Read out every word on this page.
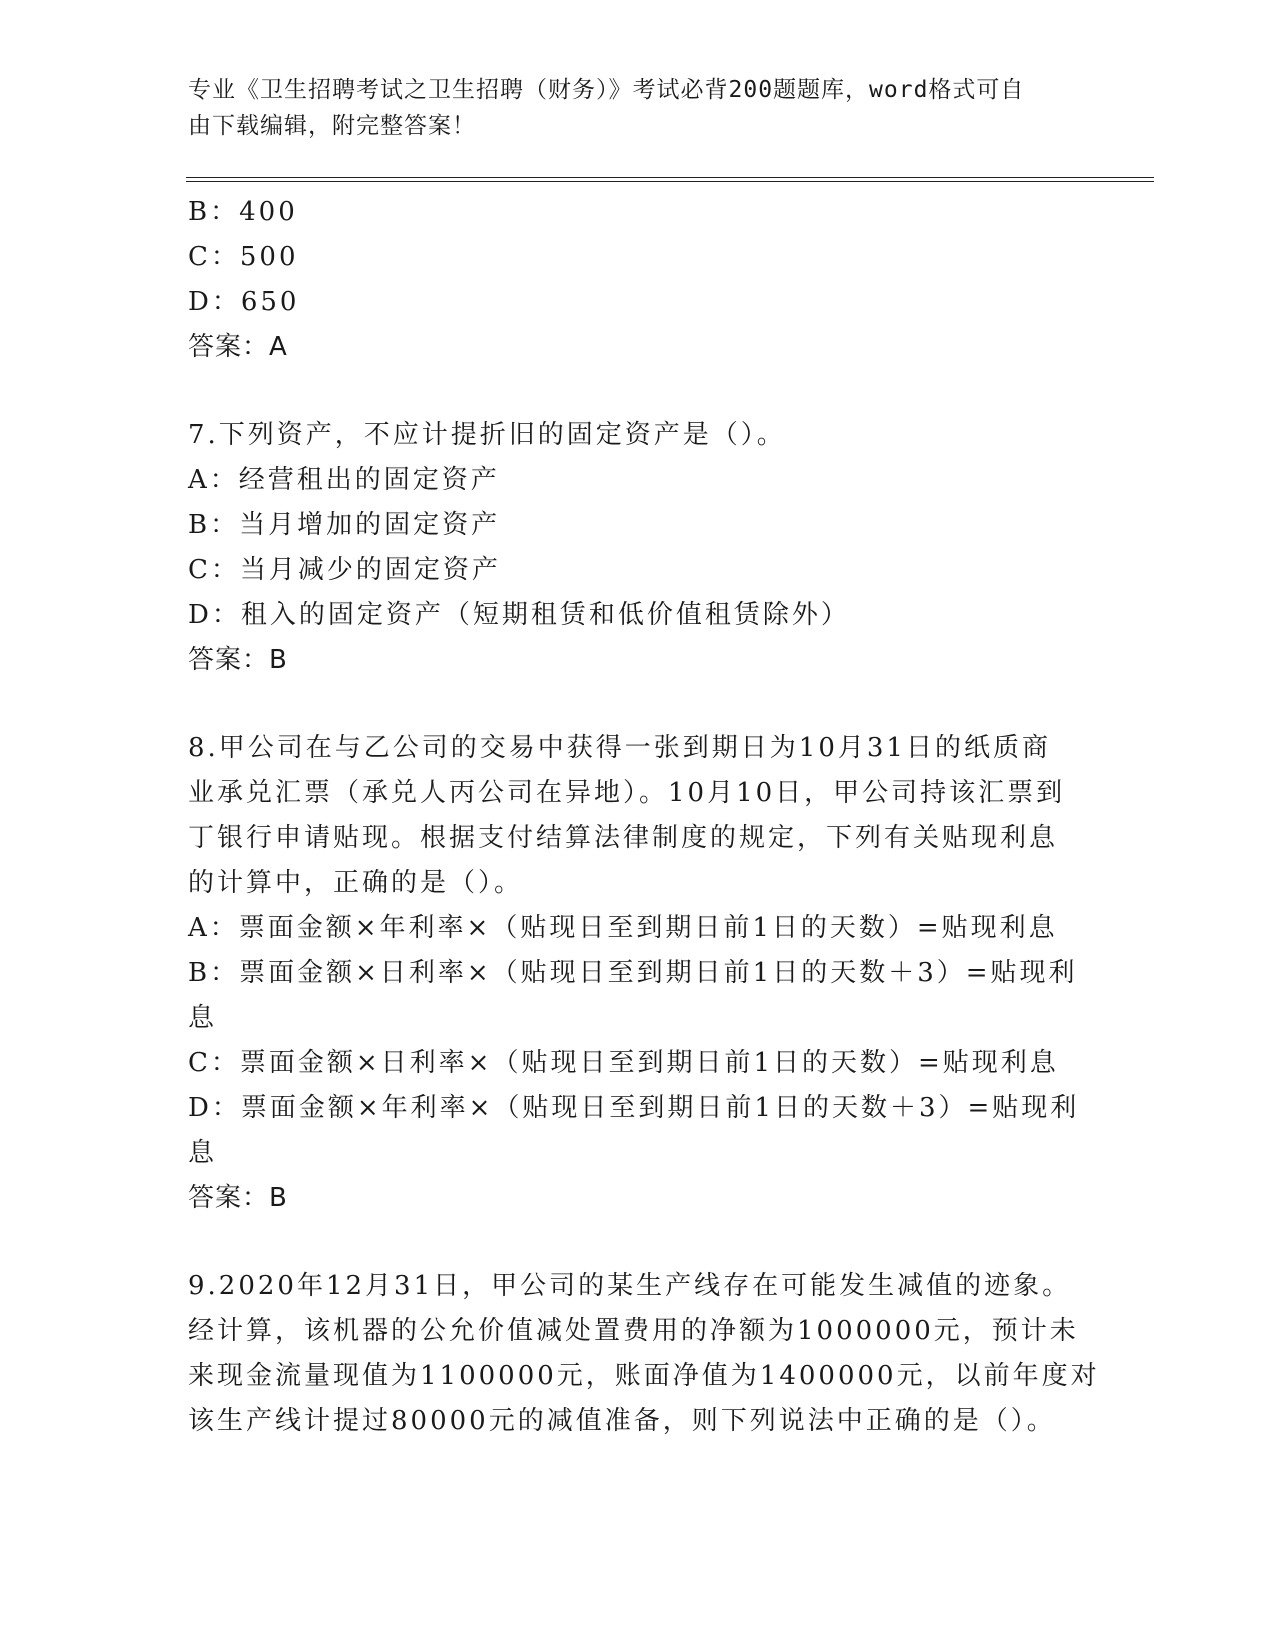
专业《卫生招聘考试之卫生招聘（财务）》考试必背200题题库，word格式可自
由下载编辑，附完整答案！
B：400
C：500
D：650
答案：A
7.下列资产，不应计提折旧的固定资产是（）。
A：经营租出的固定资产
B：当月增加的固定资产
C：当月减少的固定资产
D：租入的固定资产（短期租赁和低价值租赁除外）
答案：B
8.甲公司在与乙公司的交易中获得一张到期日为10月31日的纸质商
业承兑汇票（承兑人丙公司在异地）。10月10日，甲公司持该汇票到
丁银行申请贴现。根据支付结算法律制度的规定，下列有关贴现利息
的计算中，正确的是（）。
A：票面金额×年利率×（贴现日至到期日前1日的天数）=贴现利息
B：票面金额×日利率×（贴现日至到期日前1日的天数＋3）=贴现利
息
C：票面金额×日利率×（贴现日至到期日前1日的天数）=贴现利息
D：票面金额×年利率×（贴现日至到期日前1日的天数＋3）=贴现利
息
答案：B
9.2020年12月31日，甲公司的某生产线存在可能发生减值的迹象。
经计算，该机器的公允价值减处置费用的净额为1000000元，预计未
来现金流量现值为1100000元，账面净值为1400000元，以前年度对
该生产线计提过80000元的减值准备，则下列说法中正确的是（）。
